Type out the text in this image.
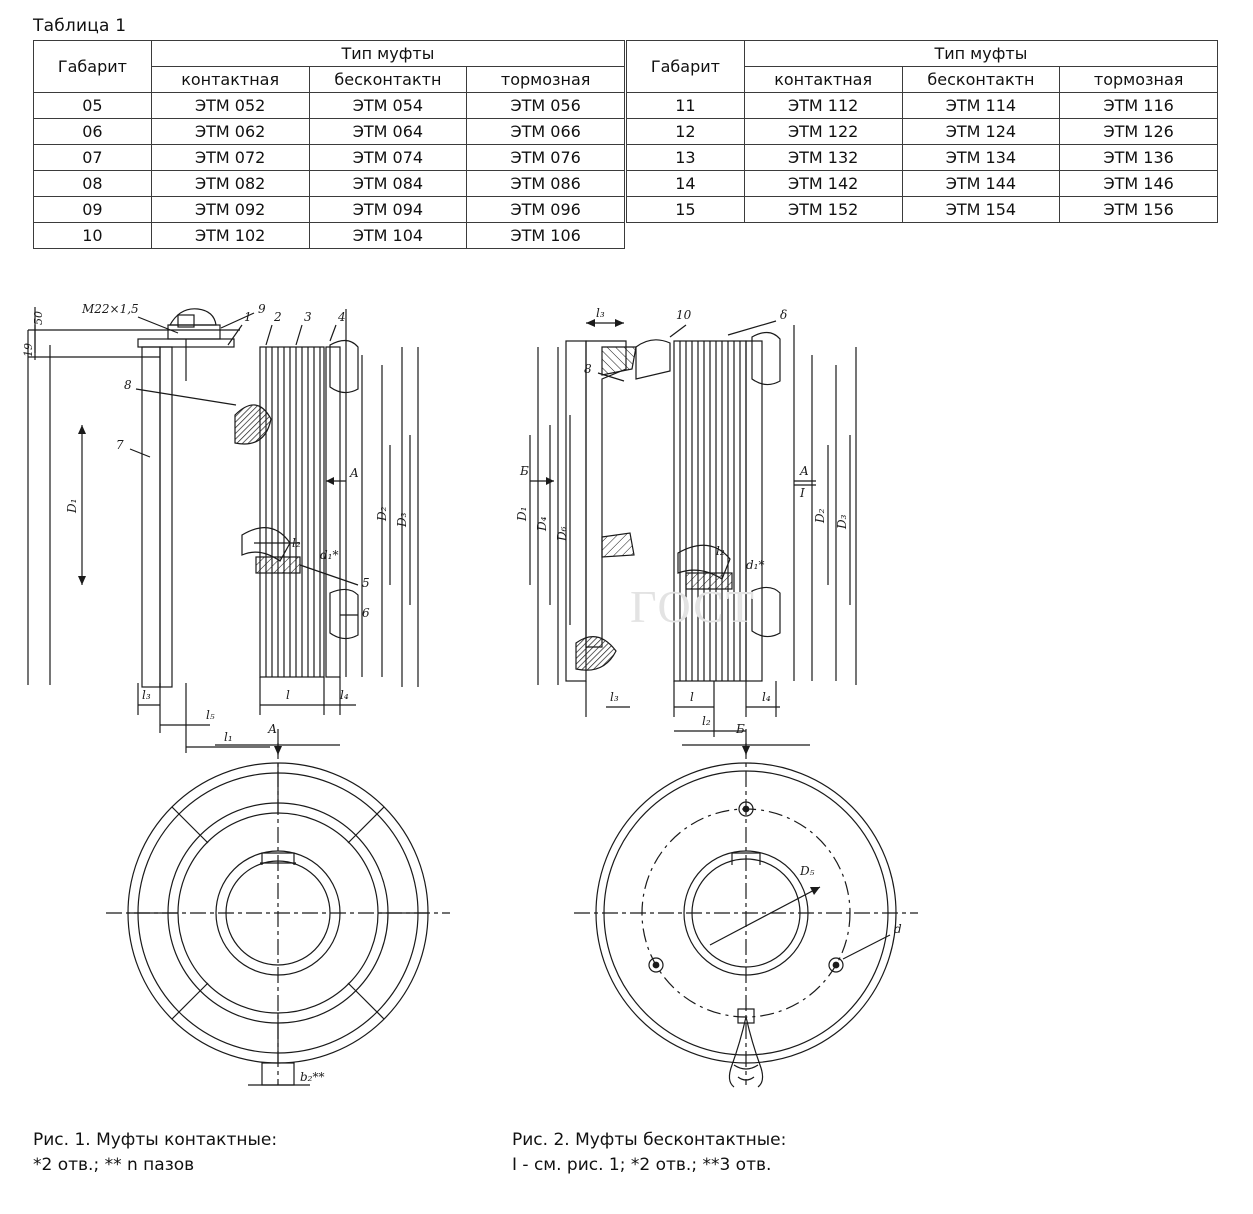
Таблица 1
Габарит	Тип муфты		
	контактная	бесконтактн	тормозная
05	ЭТМ 052	ЭТМ 054	ЭТМ 056
06	ЭТМ 062	ЭТМ 064	ЭТМ 066
07	ЭТМ 072	ЭТМ 074	ЭТМ 076
08	ЭТМ 082	ЭТМ 084	ЭТМ 086
09	ЭТМ 092	ЭТМ 094	ЭТМ 096
10	ЭТМ 102	ЭТМ 104	ЭТМ 106
Габарит	Тип муфты		
	контактная	бесконтактн	тормозная
11	ЭТМ 112	ЭТМ 114	ЭТМ 116
12	ЭТМ 122	ЭТМ 124	ЭТМ 126
13	ЭТМ 132	ЭТМ 134	ЭТМ 136
14	ЭТМ 142	ЭТМ 144	ЭТМ 146
15	ЭТМ 152	ЭТМ 154	ЭТМ 156

50
19
M22×1,5	9
1 2 3 4
5
6
7
8
A
D₁
D₂ D₃
l₃
l₅
l₁
l	l₄
l₂
d₁*
10
l₃	δ
d₁*
l₂
8
Б	A
I
D₁
D₄
D₆
D₂ D₃
l₃	l
l₂
l₄
А
b₂**
Б
d
D₅
ГОСТ
Рис. 1. Муфты контактные:
*2 отв.; ** n пазов
Рис. 2. Муфты бесконтактные:
I - см. рис. 1; *2 отв.; **3 отв.
